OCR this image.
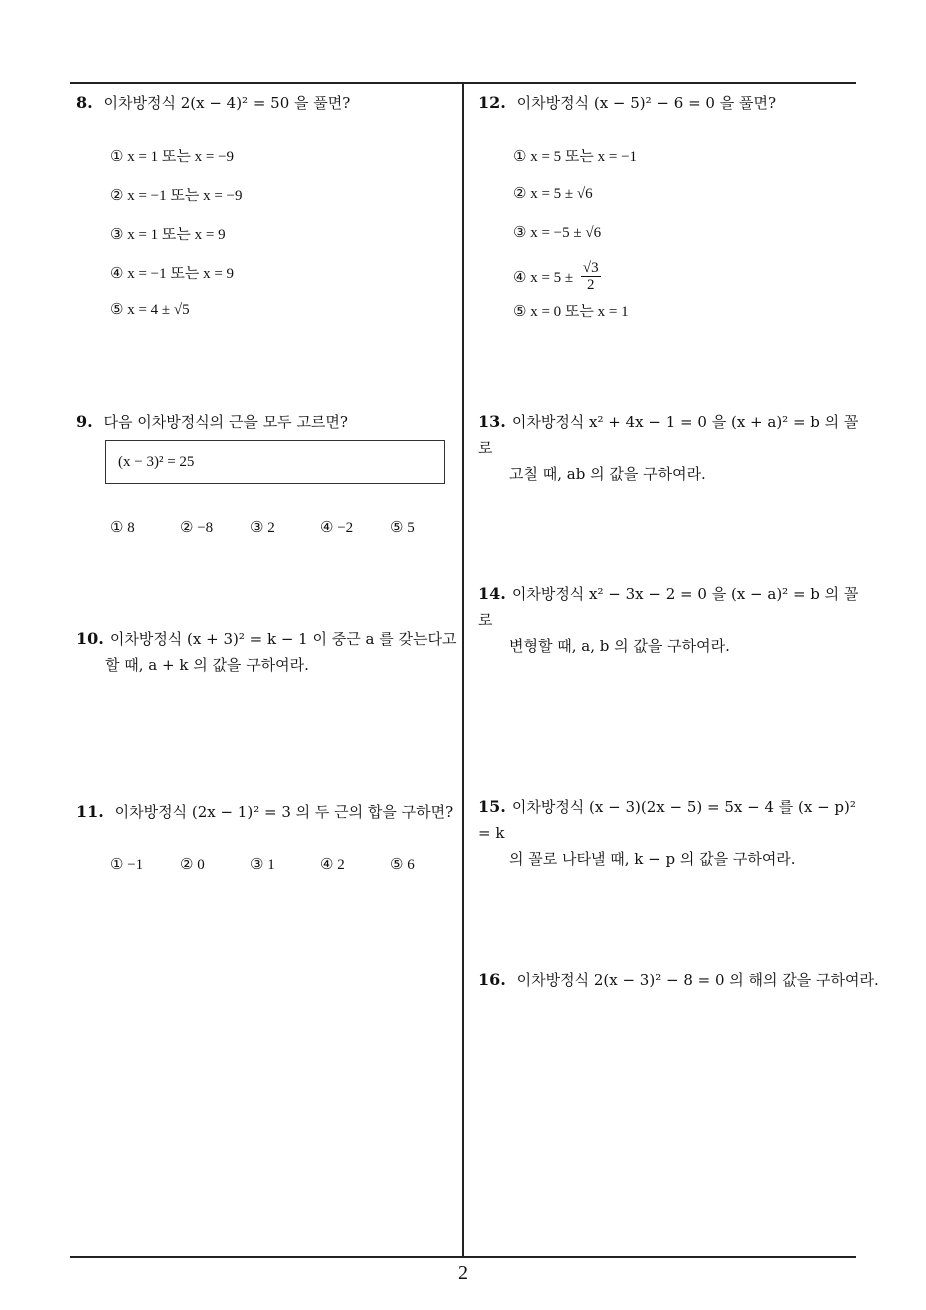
8. 이차방정식 2(x − 4)² = 50 을 풀면?
① x = 1 또는 x = −9
② x = −1 또는 x = −9
③ x = 1 또는 x = 9
④ x = −1 또는 x = 9
⑤ x = 4 ± √5
9. 다음 이차방정식의 근을 모두 고르면?
(x − 3)² = 25
① 8	② −8 ③ 2	④ −2 ⑤ 5
10. 이차방정식 (x + 3)² = k − 1 이 중근 a 를 갖는다고
할 때, a + k 의 값을 구하여라.
11. 이차방정식 (2x − 1)² = 3 의 두 근의 합을 구하면?
① −1 ② 0	③ 1	④ 2	⑤ 6
12. 이차방정식 (x − 5)² − 6 = 0 을 풀면?
① x = 5 또는 x = −1
② x = 5 ± √6
③ x = −5 ± √6
④ $x = 5 \pm \frac{√3}{2}$
⑤ x = 0 또는 x = 1
13. 이차방정식 x² + 4x − 1 = 0 을 (x + a)² = b 의 꼴로
고칠 때, ab 의 값을 구하여라.
14. 이차방정식 x² − 3x − 2 = 0 을 (x − a)² = b 의 꼴로
변형할 때, a, b 의 값을 구하여라.
15. 이차방정식 (x − 3)(2x − 5) = 5x − 4 를 (x − p)² = k
의 꼴로 나타낼 때, k − p 의 값을 구하여라.
16. 이차방정식 2(x − 3)² − 8 = 0 의 해의 값을 구하여라.
2
